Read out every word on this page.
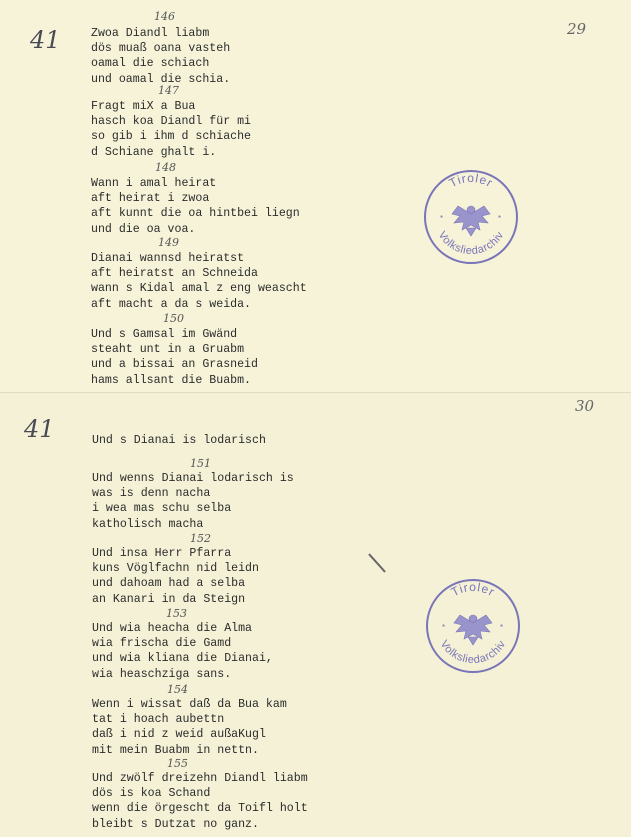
41	29
146
Zwoa Diandl liabm
dös muaß oana vasteh
oamal die schiach
und oamal die schia.
147
Fragt miX a Bua
hasch koa Diandl für mi
so gib i ihm d schiache
d Schiane ghalt i.
148
Wann i amal heirat
aft heirat i zwoa
aft kunnt die oa hintbei liegn
und die oa voa.
149
Dianai wannsd heiratst
aft heiratst an Schneida
wann s Kidal amal z eng weascht
aft macht a da s weida.
150
Und s Gamsal im Gwänd
steaht unt in a Gruabm
und a bissai an Grasneid
hams allsant die Buabm.
Tiroler
Volksliedarchiv
*	*
41
30
Und s Dianai is lodarisch
151
Und wenns Dianai lodarisch is
was is denn nacha
i wea mas schu selba
katholisch macha
152
Und insa Herr Pfarra
kuns Vöglfachn nid leidn
und dahoam had a selba
an Kanari in da Steign
153
Und wia heacha die Alma
wia frischa die Gamd
und wia kliana die Dianai,
wia heaschziga sans.
154
Wenn i wissat daß da Bua kam
tat i hoach aubettn
daß i nid z weid außaKugl
mit mein Buabm in nettn.
155
Und zwölf dreizehn Diandl liabm
dös is koa Schand
wenn die örgescht da Toifl holt
bleibt s Dutzat no ganz.
Tiroler
Volksliedarchiv
*	*
